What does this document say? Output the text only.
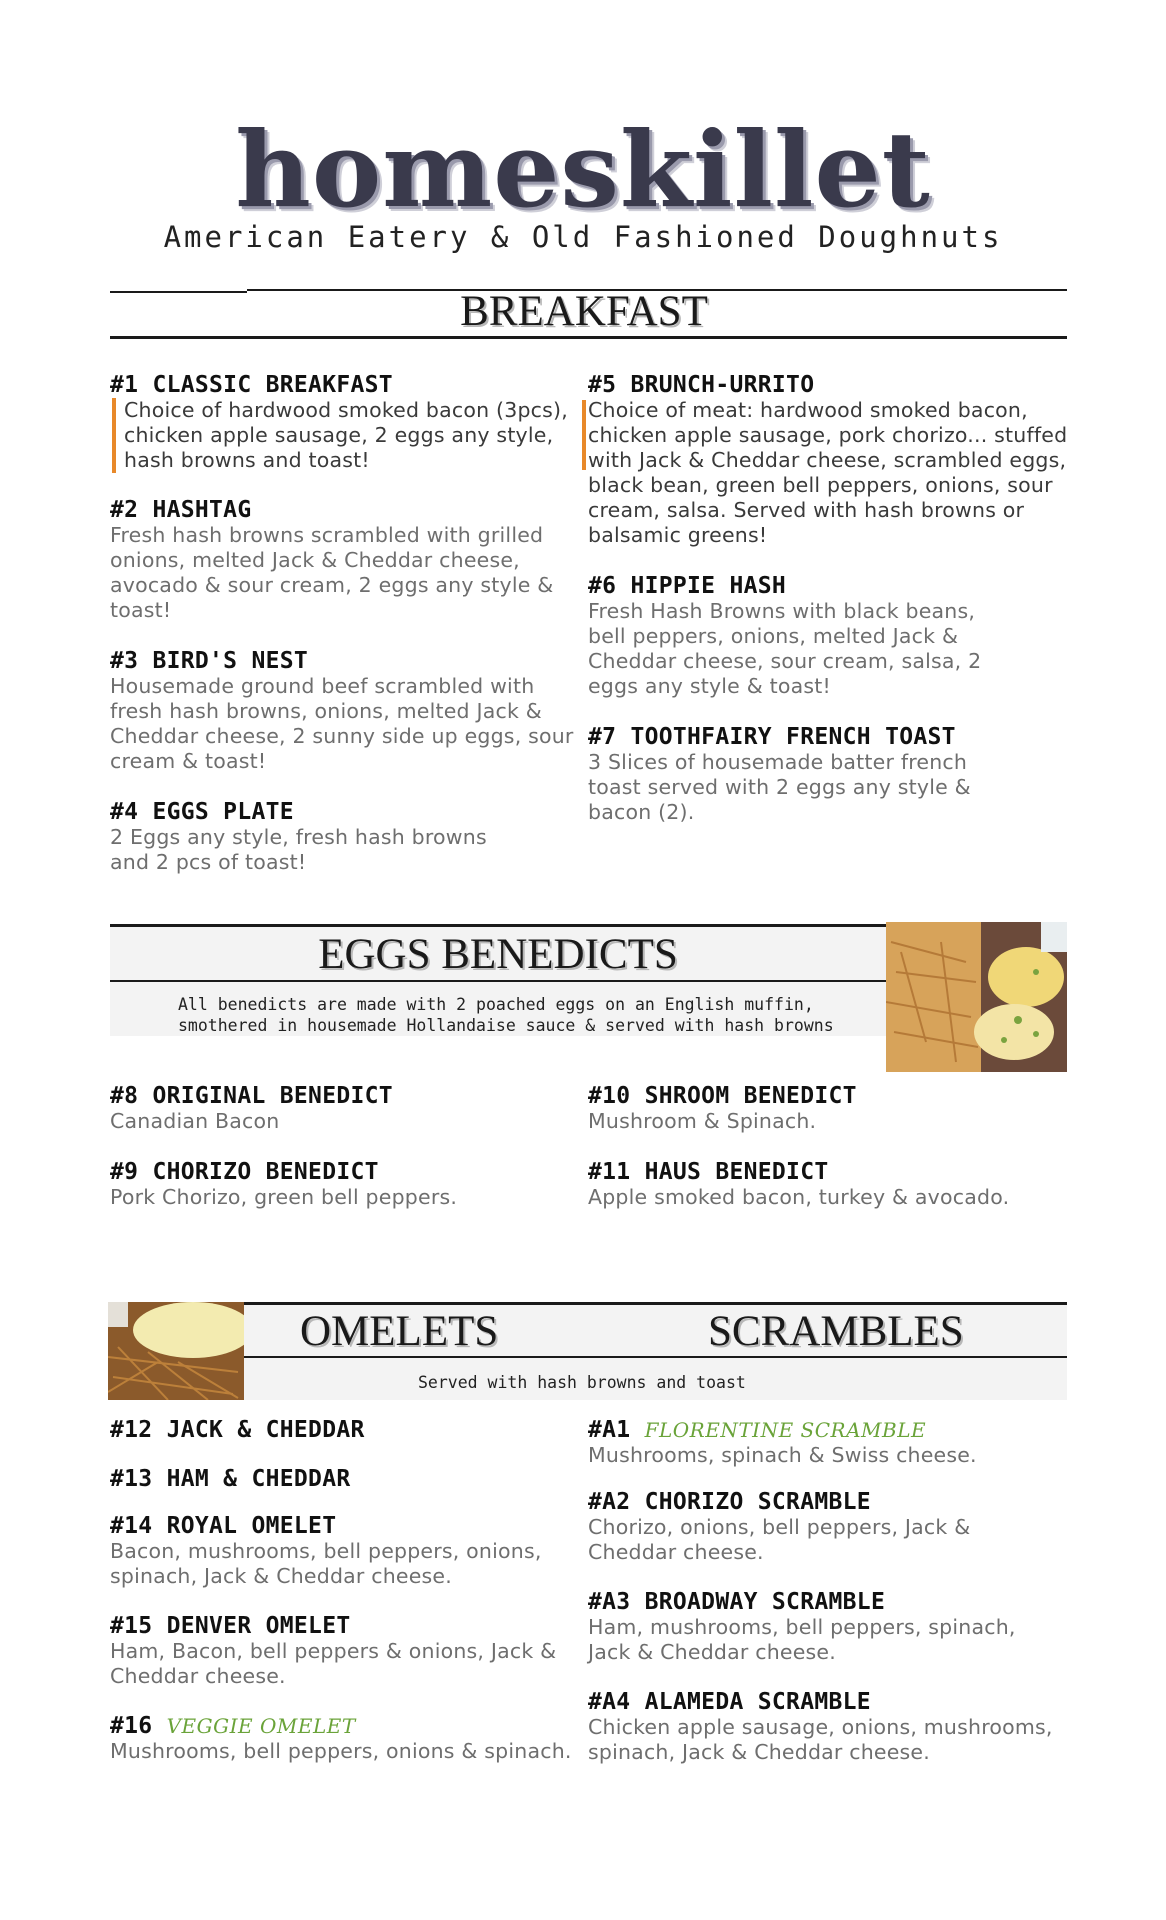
homeskillet
American Eatery & Old Fashioned Doughnuts
BREAKFAST
#1 CLASSIC BREAKFAST
Choice of hardwood smoked bacon (3pcs), chicken apple sausage, 2 eggs any style, hash browns and toast!
#2 HASHTAG
Fresh hash browns scrambled with grilled onions, melted Jack & Cheddar cheese, avocado & sour cream, 2 eggs any style & toast!
#3 BIRD'S NEST
Housemade ground beef scrambled with fresh hash browns, onions, melted Jack & Cheddar cheese, 2 sunny side up eggs, sour cream & toast!
#4 EGGS PLATE
2 Eggs any style, fresh hash browns and 2 pcs of toast!
#5 BRUNCH-URRITO
Choice of meat: hardwood smoked bacon, chicken apple sausage, pork chorizo... stuffed with Jack & Cheddar cheese, scrambled eggs, black bean, green bell peppers, onions, sour cream, salsa. Served with hash browns or balsamic greens!
#6 HIPPIE HASH
Fresh Hash Browns with black beans, bell peppers, onions, melted Jack & Cheddar cheese, sour cream, salsa, 2 eggs any style & toast!
#7 TOOTHFAIRY FRENCH TOAST
3 Slices of housemade batter french toast served with 2 eggs any style & bacon (2).
EGGS BENEDICTS
All benedicts are made with 2 poached eggs on an English muffin,
smothered in housemade Hollandaise sauce & served with hash browns
#8 ORIGINAL BENEDICT
Canadian Bacon
#9 CHORIZO BENEDICT
Pork Chorizo, green bell peppers.
#10 SHROOM BENEDICT
Mushroom & Spinach.
#11 HAUS BENEDICT
Apple smoked bacon, turkey & avocado.
OMELETS	SCRAMBLES
Served with hash browns and toast
#12 JACK & CHEDDAR
#13 HAM & CHEDDAR
#14 ROYAL OMELET
Bacon, mushrooms, bell peppers, onions, spinach, Jack & Cheddar cheese.
#15 DENVER OMELET
Ham, Bacon, bell peppers & onions, Jack & Cheddar cheese.
#16 VEGGIE OMELET
Mushrooms, bell peppers, onions & spinach.
#A1 FLORENTINE SCRAMBLE
Mushrooms, spinach & Swiss cheese.
#A2 CHORIZO SCRAMBLE
Chorizo, onions, bell peppers, Jack & Cheddar cheese.
#A3 BROADWAY SCRAMBLE
Ham, mushrooms, bell peppers, spinach, Jack & Cheddar cheese.
#A4 ALAMEDA SCRAMBLE
Chicken apple sausage, onions, mushrooms, spinach, Jack & Cheddar cheese.
